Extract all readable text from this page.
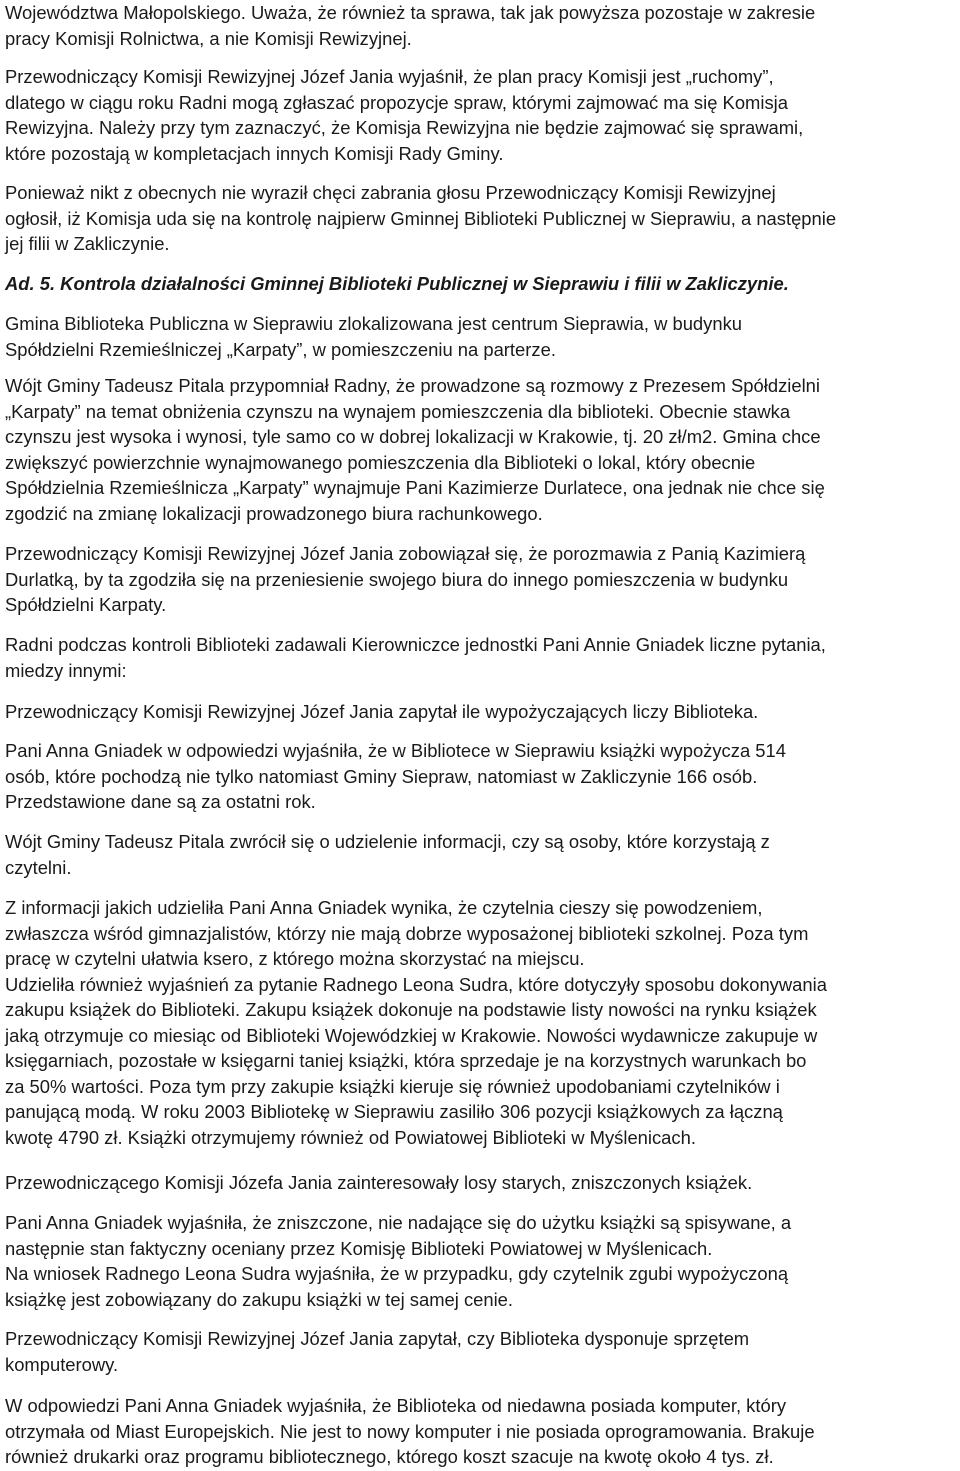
Województwa Małopolskiego. Uważa, że również ta sprawa, tak jak powyższa pozostaje w zakresie
pracy Komisji Rolnictwa, a nie Komisji Rewizyjnej.

Przewodniczący Komisji Rewizyjnej Józef Jania wyjaśnił, że plan pracy Komisji jest „ruchomy”,
dlatego w ciągu roku Radni mogą zgłaszać propozycje spraw, którymi zajmować ma się Komisja
Rewizyjna. Należy przy tym zaznaczyć, że Komisja Rewizyjna nie będzie zajmować się sprawami,
które pozostają w kompletacjach innych Komisji Rady Gminy.

Ponieważ nikt z obecnych nie wyraził chęci zabrania głosu Przewodniczący Komisji Rewizyjnej
ogłosił, iż Komisja uda się na kontrolę najpierw Gminnej Biblioteki Publicznej w Sieprawiu, a następnie
jej filii w Zakliczynie.

Ad. 5. Kontrola działalności Gminnej Biblioteki Publicznej w Sieprawiu i filii w Zakliczynie.

Gmina Biblioteka Publiczna w Sieprawiu zlokalizowana jest centrum Sieprawia, w budynku
Spółdzielni Rzemieślniczej „Karpaty”, w pomieszczeniu na parterze.

Wójt Gminy Tadeusz Pitala przypomniał Radny, że prowadzone są rozmowy z Prezesem Spółdzielni
„Karpaty” na temat obniżenia czynszu na wynajem pomieszczenia dla biblioteki. Obecnie stawka
czynszu jest wysoka i wynosi, tyle samo co w dobrej lokalizacji w Krakowie, tj. 20 zł/m2. Gmina chce
zwiększyć powierzchnie wynajmowanego pomieszczenia dla Biblioteki o lokal, który obecnie
Spółdzielnia Rzemieślnicza „Karpaty” wynajmuje Pani Kazimierze Durlatece, ona jednak nie chce się
zgodzić na zmianę lokalizacji prowadzonego biura rachunkowego.

Przewodniczący Komisji Rewizyjnej Józef Jania zobowiązał się, że porozmawia z Panią Kazimierą
Durlatką, by ta zgodziła się na przeniesienie swojego biura do innego pomieszczenia w budynku
Spółdzielni Karpaty.

Radni podczas kontroli Biblioteki zadawali Kierowniczce jednostki Pani Annie Gniadek liczne pytania,
miedzy innymi:

Przewodniczący Komisji Rewizyjnej Józef Jania zapytał ile wypożyczających liczy Biblioteka.

Pani Anna Gniadek w odpowiedzi wyjaśniła, że w Bibliotece w Sieprawiu książki wypożycza 514
osób, które pochodzą nie tylko natomiast Gminy Siepraw, natomiast w Zakliczynie 166 osób.
Przedstawione dane są za ostatni rok.

Wójt Gminy Tadeusz Pitala zwrócił się o udzielenie informacji, czy są osoby, które korzystają z
czytelni.

Z informacji jakich udzieliła Pani Anna Gniadek wynika, że czytelnia cieszy się powodzeniem,
zwłaszcza wśród gimnazjalistów, którzy nie mają dobrze wyposażonej biblioteki szkolnej. Poza tym
pracę w czytelni ułatwia ksero, z którego można skorzystać na miejscu.
Udzieliła również wyjaśnień za pytanie Radnego Leona Sudra, które dotyczyły sposobu dokonywania
zakupu książek do Biblioteki. Zakupu książek dokonuje na podstawie listy nowości na rynku książek
jaką otrzymuje co miesiąc od Biblioteki Wojewódzkiej w Krakowie. Nowości wydawnicze zakupuje w
księgarniach, pozostałe w księgarni taniej książki, która sprzedaje je na korzystnych warunkach bo
za 50% wartości. Poza tym przy zakupie książki kieruje się również upodobaniami czytelników i
panującą modą. W roku 2003 Bibliotekę w Sieprawiu zasiliło 306 pozycji książkowych za łączną
kwotę 4790 zł. Książki otrzymujemy również od Powiatowej Biblioteki w Myślenicach.

Przewodniczącego Komisji Józefa Jania zainteresowały losy starych, zniszczonych książek.

Pani Anna Gniadek wyjaśniła, że zniszczone, nie nadające się do użytku książki są spisywane, a
następnie stan faktyczny oceniany przez Komisję Biblioteki Powiatowej w Myślenicach.
Na wniosek Radnego Leona Sudra wyjaśniła, że w przypadku, gdy czytelnik zgubi wypożyczoną
książkę jest zobowiązany do zakupu książki w tej samej cenie.

Przewodniczący Komisji Rewizyjnej Józef Jania zapytał, czy Biblioteka dysponuje sprzętem
komputerowy.

W odpowiedzi Pani Anna Gniadek wyjaśniła, że Biblioteka od niedawna posiada komputer, który
otrzymała od Miast Europejskich. Nie jest to nowy komputer i nie posiada oprogramowania. Brakuje
również drukarki oraz programu bibliotecznego, którego koszt szacuje na kwotę około 4 tys. zł.
